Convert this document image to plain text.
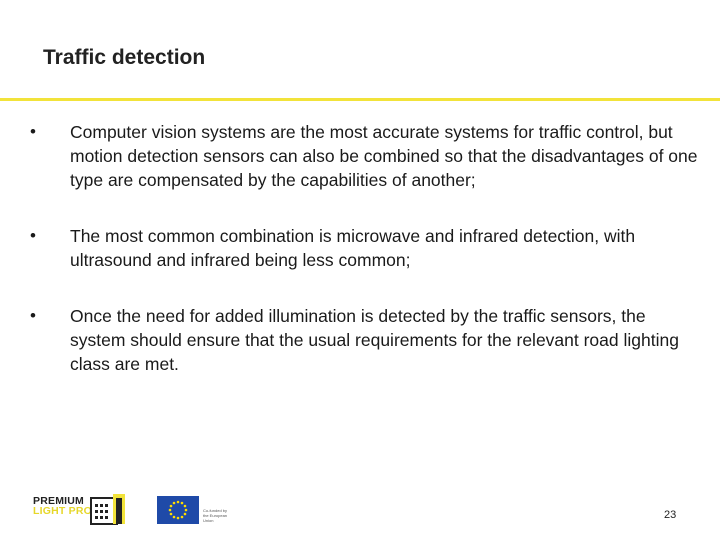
Traffic detection
•	Computer vision systems are the most accurate systems for traffic control, but motion detection sensors can also be combined so that the disadvantages of one type are compensated by the capabilities of another;
•	The most common combination is microwave and infrared detection, with ultrasound and infrared being less common;
•	Once the need for added illumination is detected by the traffic sensors, the system should ensure that the usual requirements for the relevant road lighting class are met.
PREMIUM
LIGHT PRO	Co-funded by the European Union	23
